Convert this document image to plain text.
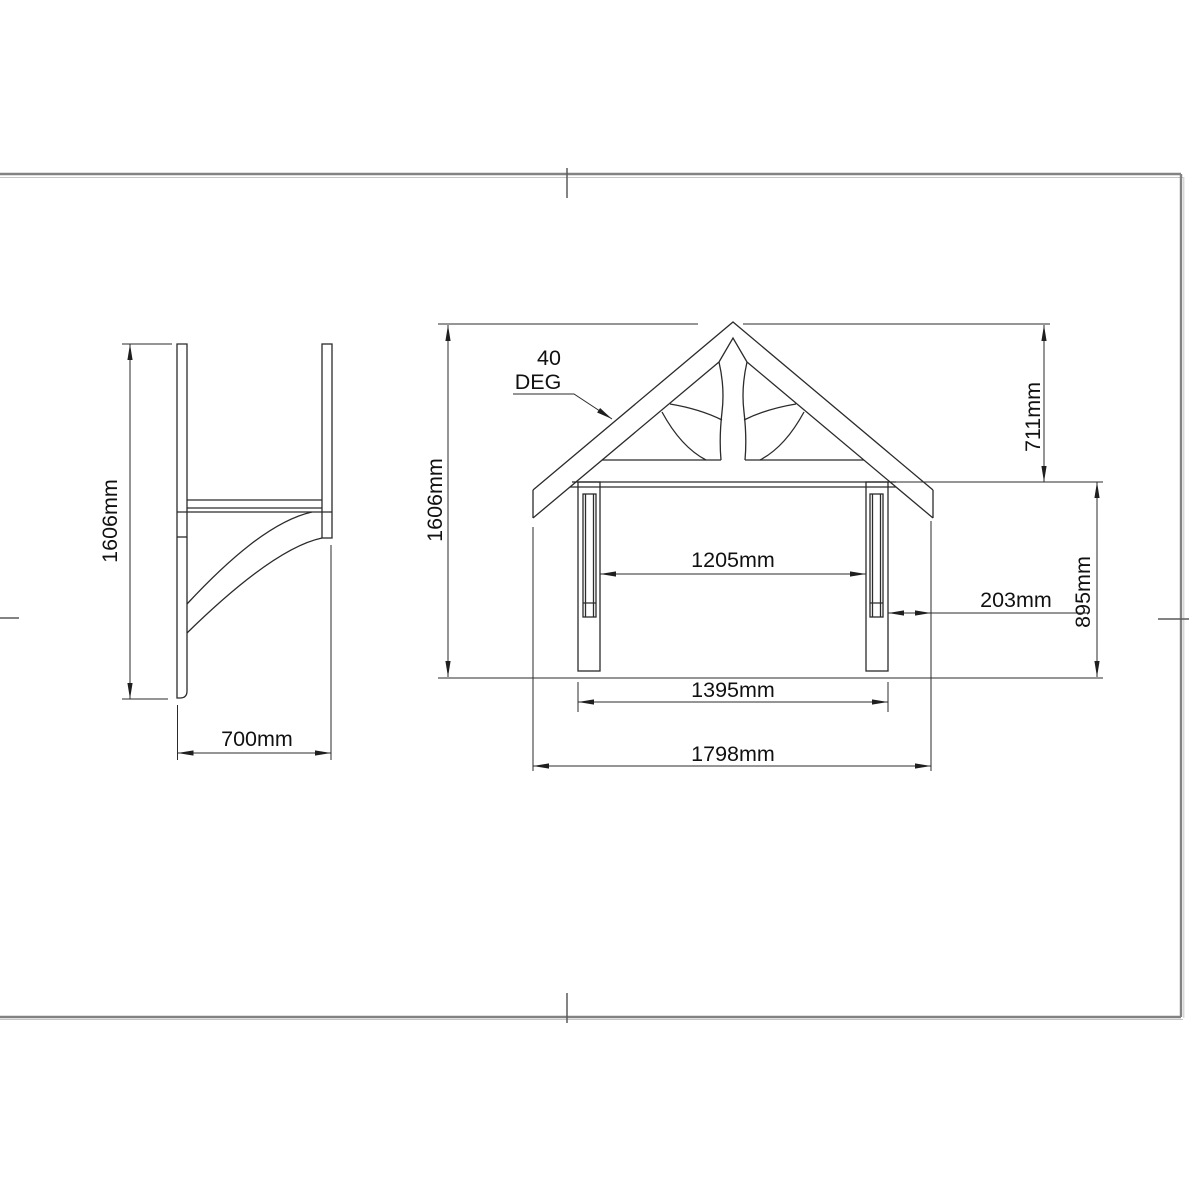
1606mm
700mm
1606mm
711mm
895mm
1205mm
203mm
1395mm
1798mm
40
DEG
